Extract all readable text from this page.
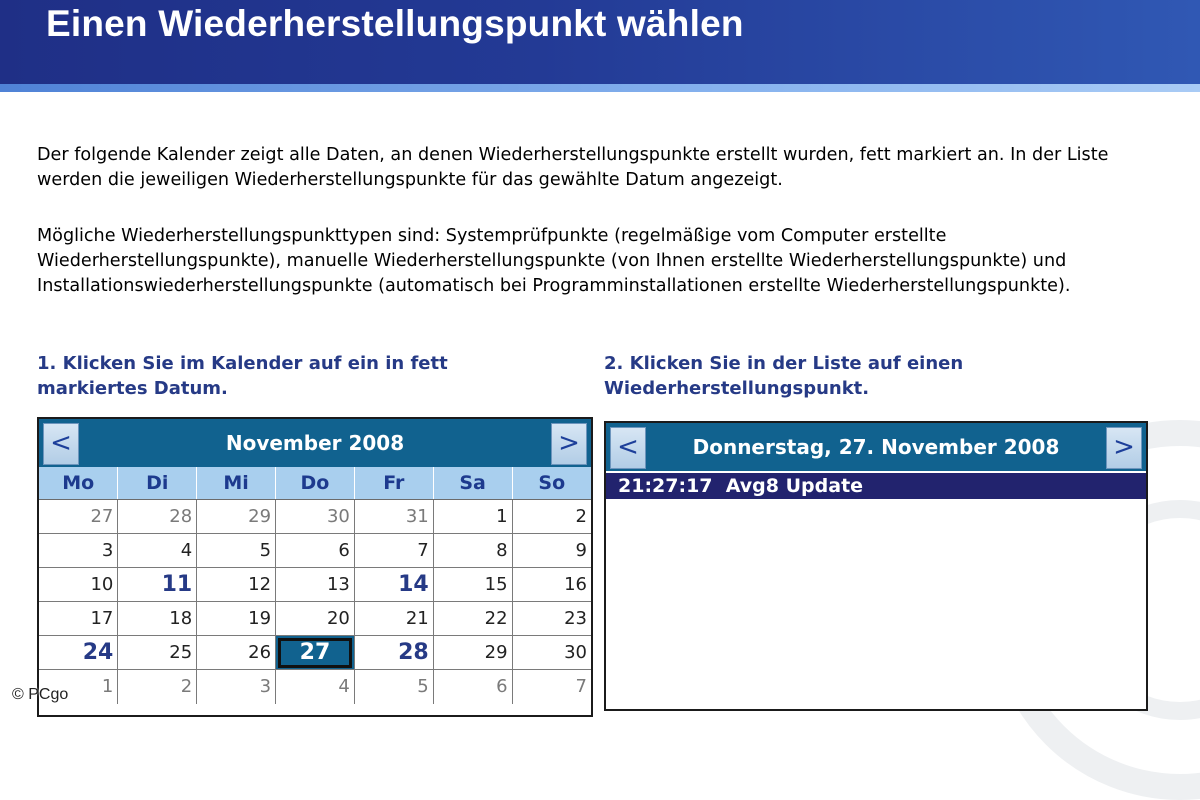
Einen Wiederherstellungspunkt wählen

Der folgende Kalender zeigt alle Daten, an denen Wiederherstellungspunkte erstellt wurden, fett markiert an. In der Liste werden die jeweiligen Wiederherstellungspunkte für das gewählte Datum angezeigt.

Mögliche Wiederherstellungspunkttypen sind: Systemprüfpunkte (regelmäßige vom Computer erstellte Wiederherstellungspunkte), manuelle Wiederherstellungspunkte (von Ihnen erstellte Wiederherstellungspunkte) und Installationswiederherstellungspunkte (automatisch bei Programminstallationen erstellte Wiederherstellungspunkte).

1. Klicken Sie im Kalender auf ein in fett markiertes Datum.

2. Klicken Sie in der Liste auf einen Wiederherstellungspunkt.

<	November 2008	>
Mo	Di	Mi	Do	Fr	Sa	So
27	28	29	30	31	1	2
3	4	5	6	7	8	9
10	11	12	13	14	15	16
17	18	19	20	21	22	23
24	25	26	27	28	29	30
1	2	3	4	5	6	7
<	Donnerstag, 27. November 2008	>
21:27:17 Avg8 Update
© PCgo
